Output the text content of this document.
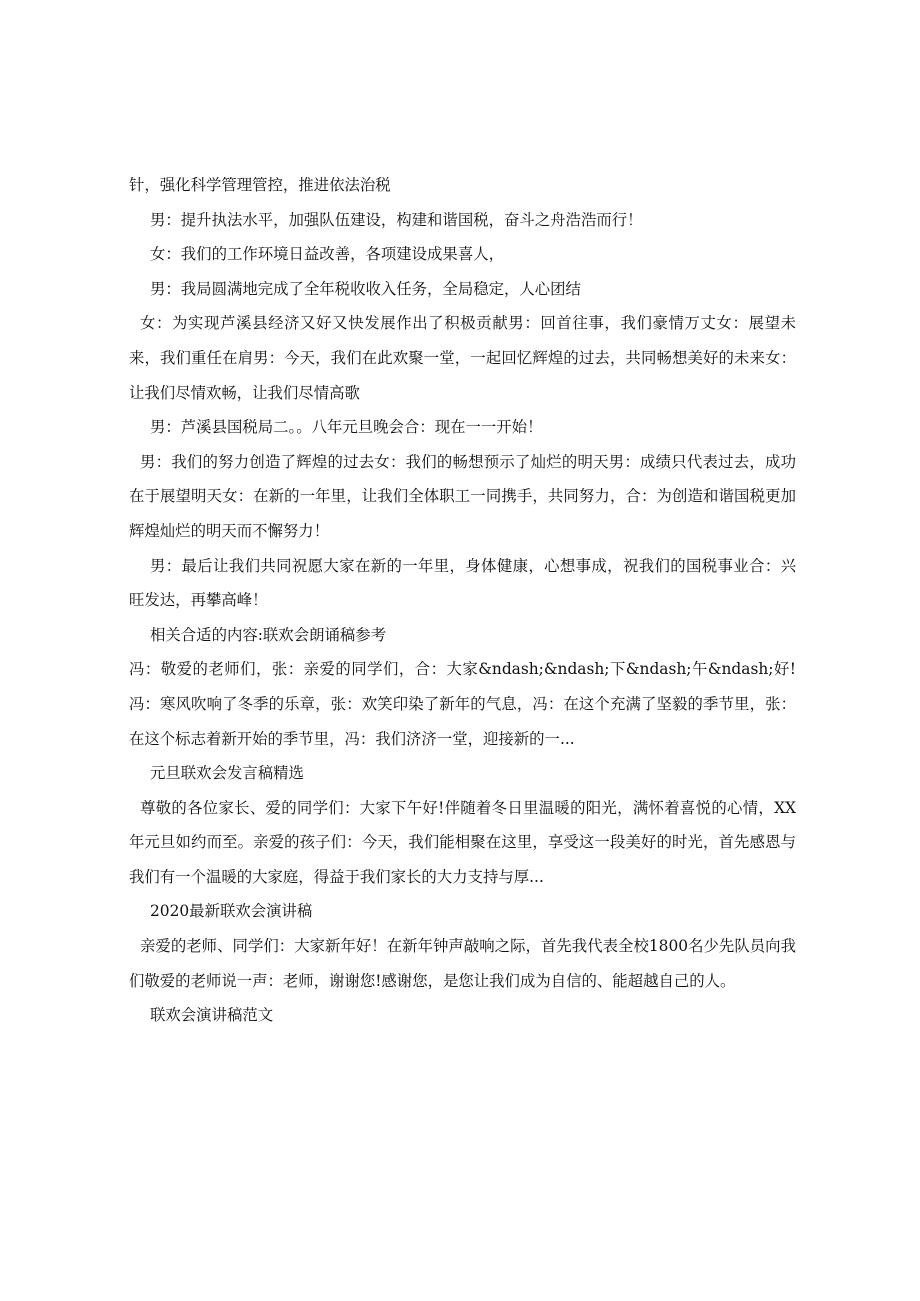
针，强化科学管理管控，推进依法治税

男：提升执法水平，加强队伍建设，构建和谐国税，奋斗之舟浩浩而行！

女：我们的工作环境日益改善，各项建设成果喜人，

男：我局圆满地完成了全年税收收入任务，全局稳定，人心团结

女：为实现芦溪县经济又好又快发展作出了积极贡献男：回首往事，我们豪情万丈女：展望未来，我们重任在肩男：今天，我们在此欢聚一堂，一起回忆辉煌的过去，共同畅想美好的未来女：让我们尽情欢畅，让我们尽情高歌

男：芦溪县国税局二。。八年元旦晚会合：现在一一开始！

男：我们的努力创造了辉煌的过去女：我们的畅想预示了灿烂的明天男：成绩只代表过去，成功在于展望明天女：在新的一年里，让我们全体职工一同携手，共同努力，合：为创造和谐国税更加辉煌灿烂的明天而不懈努力！

男：最后让我们共同祝愿大家在新的一年里，身体健康，心想事成，祝我们的国税事业合：兴旺发达，再攀高峰！

相关合适的内容:联欢会朗诵稿参考

冯：敬爱的老师们，张：亲爱的同学们，合：大家&ndash;&ndash;下&ndash;午&ndash;好!冯：寒风吹响了冬季的乐章，张：欢笑印染了新年的气息，冯：在这个充满了坚毅的季节里，张：在这个标志着新开始的季节里，冯：我们济济一堂，迎接新的一...

元旦联欢会发言稿精选

尊敬的各位家长、爱的同学们：大家下午好!伴随着冬日里温暖的阳光，满怀着喜悦的心情，XX年元旦如约而至。亲爱的孩子们：今天，我们能相聚在这里，享受这一段美好的时光，首先感恩与我们有一个温暖的大家庭，得益于我们家长的大力支持与厚...

2020最新联欢会演讲稿

亲爱的老师、同学们：大家新年好！在新年钟声敲响之际，首先我代表全校1800名少先队员向我们敬爱的老师说一声：老师，谢谢您!感谢您，是您让我们成为自信的、能超越自己的人。

联欢会演讲稿范文
